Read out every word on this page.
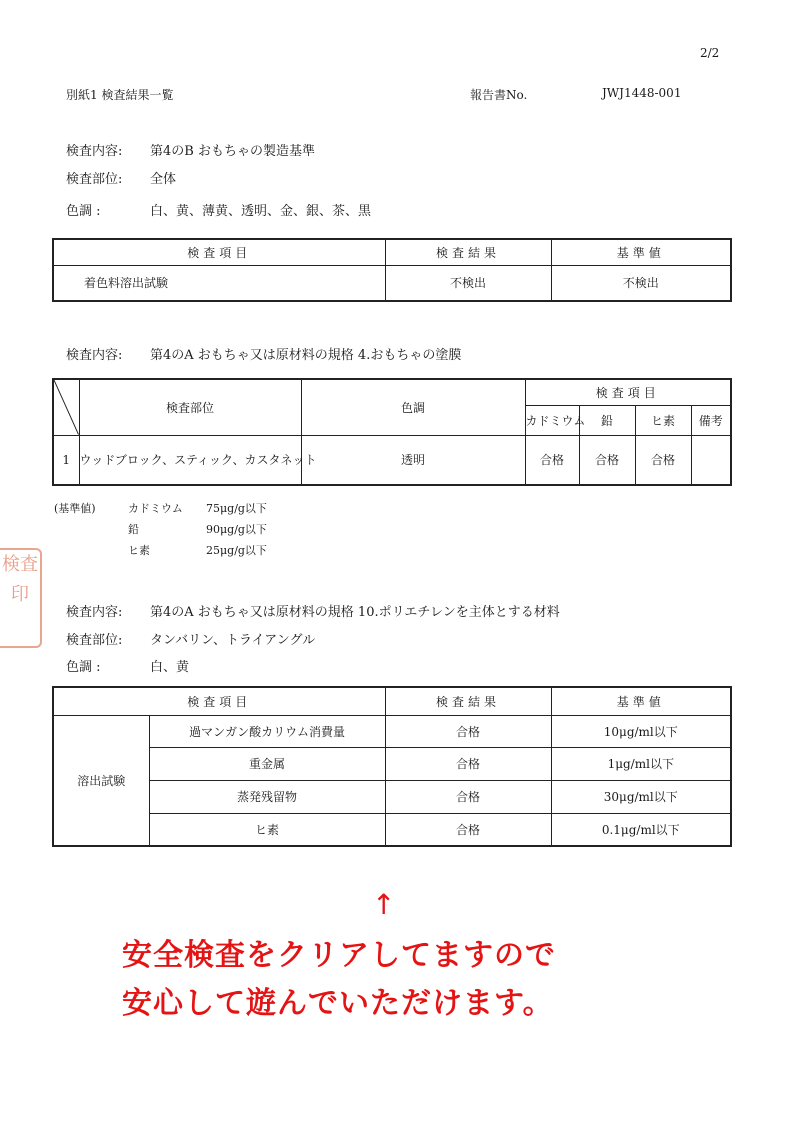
2/2
別紙1 検査結果一覧	報告書No.	JWJ1448-001
検査内容: 第4のB おもちゃの製造基準
検査部位: 全体
色調 :	白、黄、薄黄、透明、金、銀、茶、黒
検査項目	検査結果	基準値
着色料溶出試験	不検出	不検出
検査内容: 第4のA おもちゃ又は原材料の規格 4.おもちゃの塗膜
	検査部位	色調	検査項目			
			カドミウム	鉛	ヒ素	備考
1	ウッドブロック、スティック、カスタネット	透明	合格	合格	合格	
(基準値)	カドミウム 75μg/g以下
鉛	90μg/g以下
ヒ素	25μg/g以下
検査印
検査内容: 第4のA おもちゃ又は原材料の規格 10.ポリエチレンを主体とする材料
検査部位: タンバリン、トライアングル
色調 :	白、黄
検査項目		検査結果	基準値
溶出試験	過マンガン酸カリウム消費量	合格	10μg/ml以下
	重金属	合格	1μg/ml以下
	蒸発残留物	合格	30μg/ml以下
	ヒ素	合格	0.1μg/ml以下
↑
安全検査をクリアしてますので
安心して遊んでいただけます。
